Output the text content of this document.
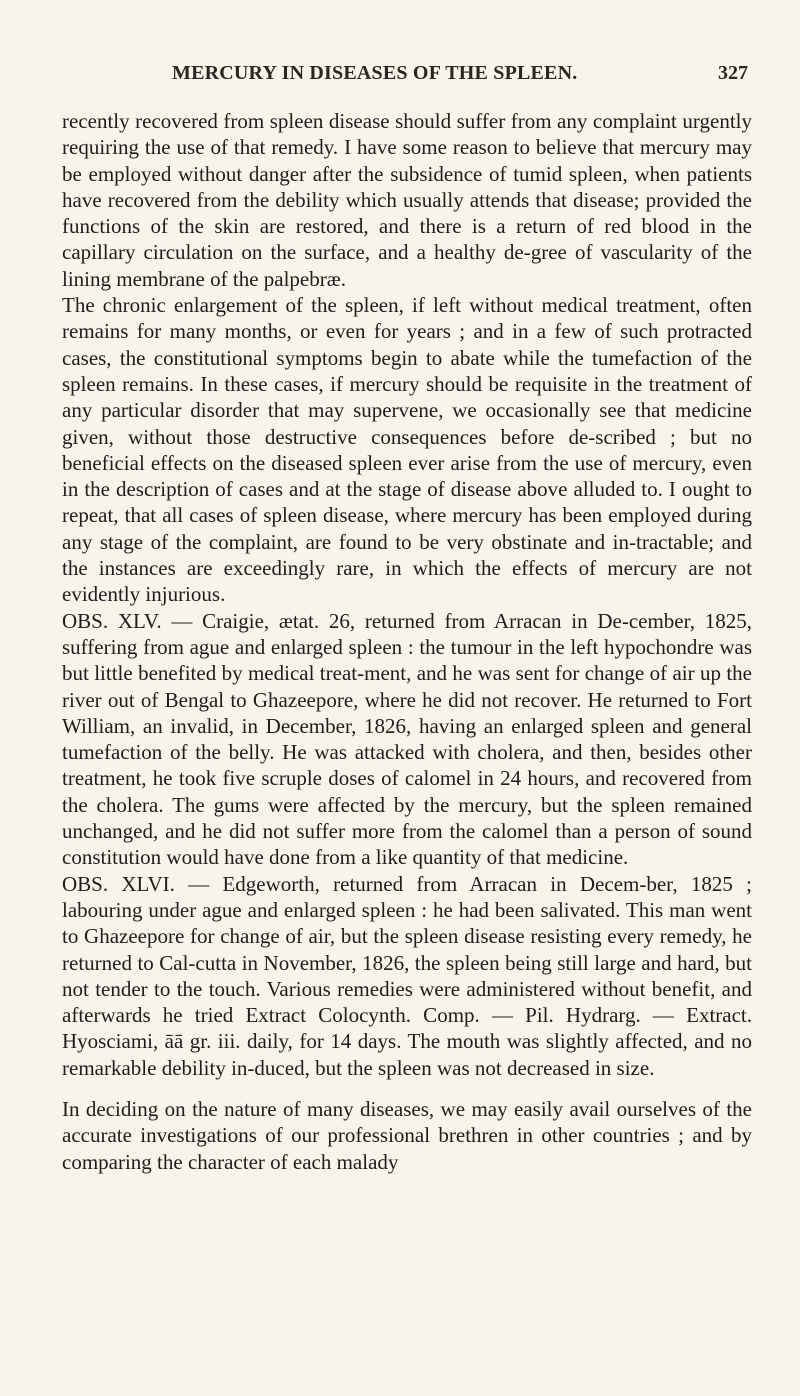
MERCURY IN DISEASES OF THE SPLEEN.	327

recently recovered from spleen disease should suffer from any complaint urgently requiring the use of that remedy. I have some reason to believe that mercury may be employed without danger after the subsidence of tumid spleen, when patients have recovered from the debility which usually attends that disease; provided the functions of the skin are restored, and there is a return of red blood in the capillary circulation on the surface, and a healthy de-gree of vascularity of the lining membrane of the palpebræ.

The chronic enlargement of the spleen, if left without medical treatment, often remains for many months, or even for years ; and in a few of such protracted cases, the constitutional symptoms begin to abate while the tumefaction of the spleen remains. In these cases, if mercury should be requisite in the treatment of any particular disorder that may supervene, we occasionally see that medicine given, without those destructive consequences before de-scribed ; but no beneficial effects on the diseased spleen ever arise from the use of mercury, even in the description of cases and at the stage of disease above alluded to. I ought to repeat, that all cases of spleen disease, where mercury has been employed during any stage of the complaint, are found to be very obstinate and in-tractable; and the instances are exceedingly rare, in which the effects of mercury are not evidently injurious.

OBS. XLV. — Craigie, ætat. 26, returned from Arracan in De-cember, 1825, suffering from ague and enlarged spleen : the tumour in the left hypochondre was but little benefited by medical treat-ment, and he was sent for change of air up the river out of Bengal to Ghazeepore, where he did not recover. He returned to Fort William, an invalid, in December, 1826, having an enlarged spleen and general tumefaction of the belly. He was attacked with cholera, and then, besides other treatment, he took five scruple doses of calomel in 24 hours, and recovered from the cholera. The gums were affected by the mercury, but the spleen remained unchanged, and he did not suffer more from the calomel than a person of sound constitution would have done from a like quantity of that medicine.

OBS. XLVI. — Edgeworth, returned from Arracan in Decem-ber, 1825 ; labouring under ague and enlarged spleen : he had been salivated. This man went to Ghazeepore for change of air, but the spleen disease resisting every remedy, he returned to Cal-cutta in November, 1826, the spleen being still large and hard, but not tender to the touch. Various remedies were administered without benefit, and afterwards he tried Extract Colocynth. Comp. — Pil. Hydrarg. — Extract. Hyosciami, āā gr. iii. daily, for 14 days. The mouth was slightly affected, and no remarkable debility in-duced, but the spleen was not decreased in size.

In deciding on the nature of many diseases, we may easily avail ourselves of the accurate investigations of our professional brethren in other countries ; and by comparing the character of each malady
